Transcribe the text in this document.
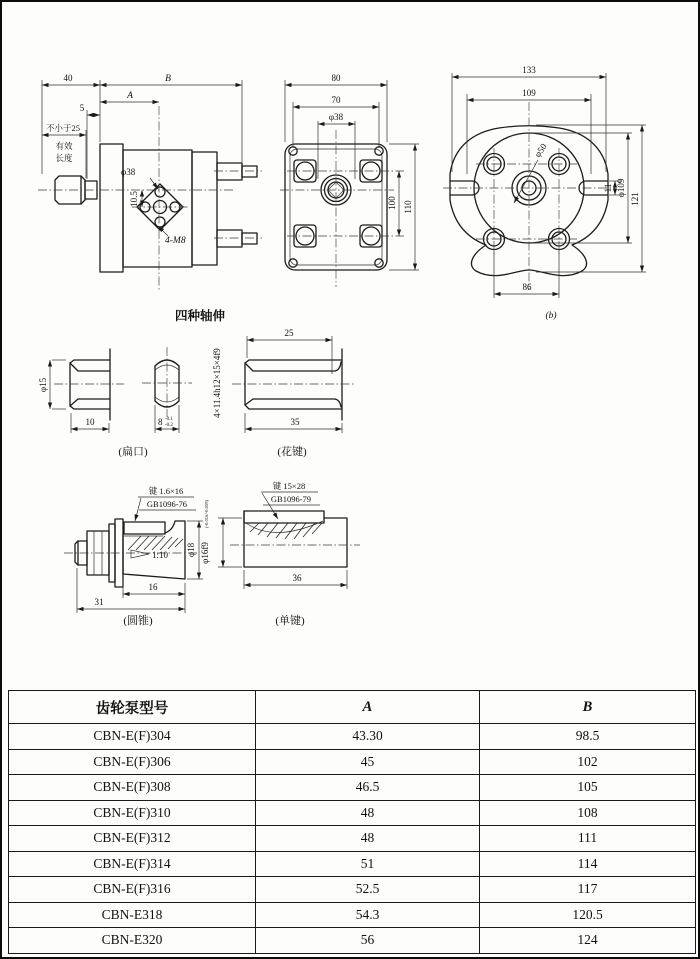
40	B
A
5
不小于25
有效
长度
φ38
10.5
4-M8
80
70
φ38
100 110
133
109
φ50
11 φ109
121
86
(b)
四种轴伸
φ15
10	8 -0.1
-0.2
(扁口)
25
35
4×11.4h12×15×4f9
(花键)
键 1.6×16
GB1096-76
1:10 φ18
16
31
(圆锥)
键 15×28
GB1096-79
φ16f9
(-0.016/-0.059)
36
(单键)
齿轮泵型号	A	B
CBN-E(F)304	43.30	98.5
CBN-E(F)306	45	102
CBN-E(F)308	46.5	105
CBN-E(F)310	48	108
CBN-E(F)312	48	111
CBN-E(F)314	51	114
CBN-E(F)316	52.5	117
CBN-E318	54.3	120.5
CBN-E320	56	124
